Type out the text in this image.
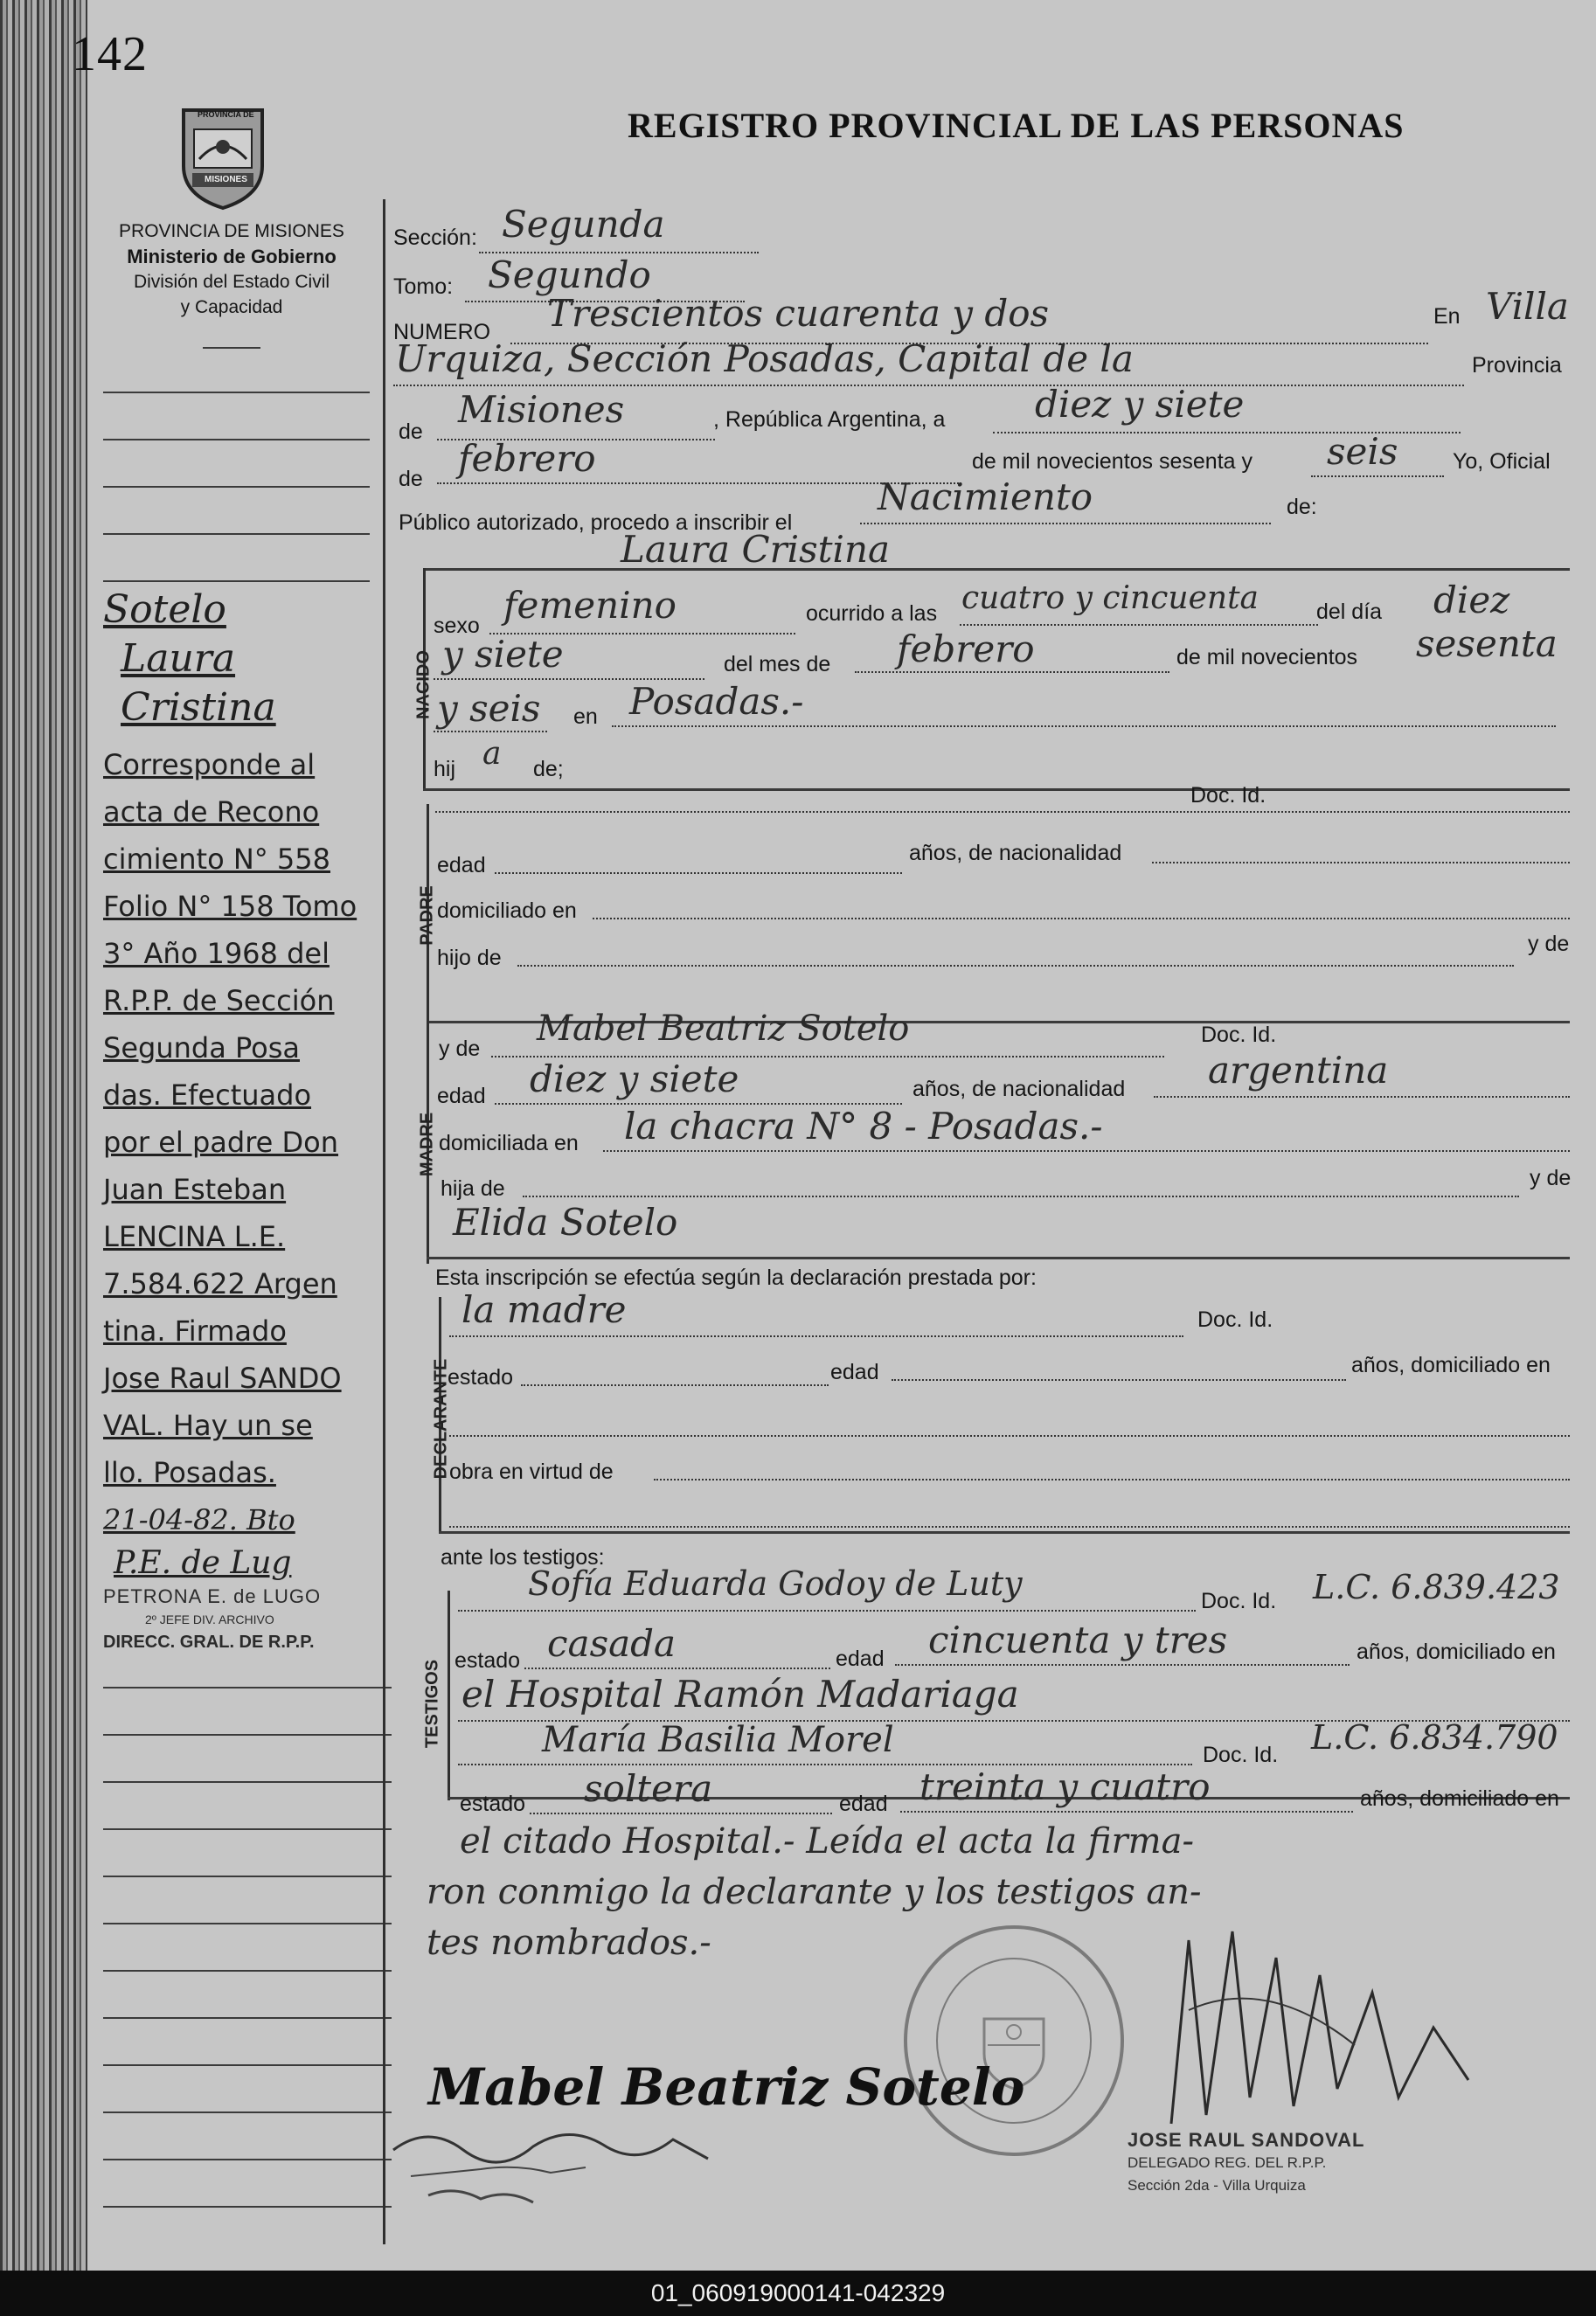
142
REGISTRO PROVINCIAL DE LAS PERSONAS
PROVINCIA DE
MISIONES
PROVINCIA DE MISIONES
Ministerio de Gobierno
División del Estado Civil
y Capacidad
Sotelo
Laura
Cristina
Corresponde al
acta de Recono
cimiento N° 558
Folio N° 158 Tomo
3° Año 1968 del
R.P.P. de Sección
Segunda Posa
das. Efectuado
por el padre Don
Juan Esteban
LENCINA L.E.
7.584.622 Argen
tina. Firmado
Jose Raul SANDO
VAL. Hay un se
llo. Posadas.
21-04-82. Bto
P.E. de Lug
PETRONA E. de LUGO
2º JEFE DIV. ARCHIVO
DIRECC. GRAL. DE R.P.P.
Sección: Segunda
Tomo: Segundo
NUMERO Trescientos cuarenta y dos	En Villa
Urquiza, Sección Posadas, Capital de la	Provincia
de
Misiones	, República Argentina, a diez y siete
de febrero	de mil novecientos sesenta y seis	Yo, Oficial
Público autorizado, procedo a inscribir el
Nacimiento	de:
Laura Cristina
NACIDO
sexo femenino	ocurrido a las cuatro y cincuenta	del día diez
y siete	del mes de febrero	de mil novecientos sesenta
y seis en Posadas.-
hij a de;
PADRE
Doc. Id.
edad	años, de nacionalidad
domiciliado en
hijo de
y de
MADRE
y de Mabel Beatriz Sotelo	Doc. Id.
edad diez y siete	años, de nacionalidad argentina
domiciliada en la chacra N° 8 - Posadas.-
hija de	y de
Elida Sotelo
Esta inscripción se efectúa según la declaración prestada por:
DECLARANTE
la madre	Doc. Id.
estado	edad	años, domiciliado en
obra en virtud de
ante los testigos:
TESTIGOS
Sofía Eduarda Godoy de Luty	Doc. Id. L.C. 6.839.423
estado casada	edad cincuenta y tres	años, domiciliado en
el Hospital Ramón Madariaga
María Basilia Morel	Doc. Id. L.C. 6.834.790
estado soltera	edad treinta y cuatro	años, domiciliado en
el citado Hospital.- Leída el acta la firma-
ron conmigo la declarante y los testigos an-
tes nombrados.-
Mabel Beatriz Sotelo
JOSE RAUL SANDOVAL
DELEGADO REG. DEL R.P.P.
Sección 2da - Villa Urquiza
01_060919000141-042329
